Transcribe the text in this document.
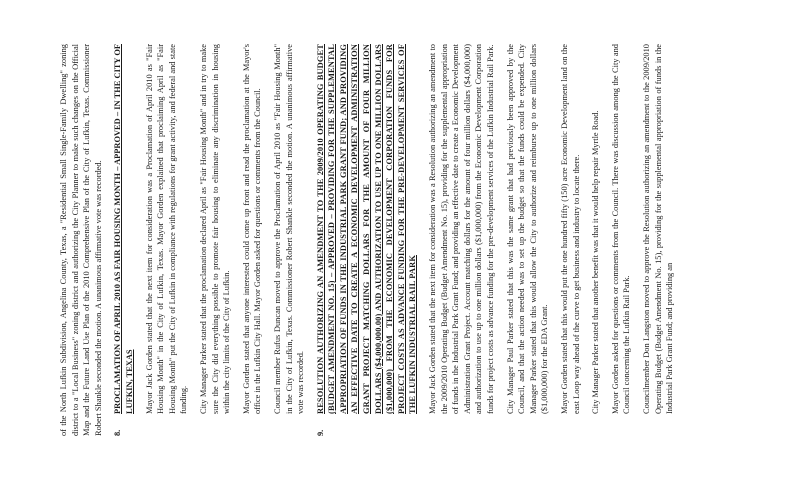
of the North Lufkin Subdivision, Angelina County, Texas, a "Residential Small Single-Family Dwelling" zoning district to a "Local Business" zoning district and authorizing the City Planner to make such changes on the Official Map and the Future Land Use Plan of the 2010 Comprehensive Plan of the City of Lufkin, Texas. Commissioner Robert Shankle seconded the motion. A unanimous affirmative vote was recorded. 8.
PROCLAMATION OF APRIL 2010 AS FAIR HOUSING MONTH – APPROVED – IN THE CITY OF LUFKIN, TEXAS Mayor Jack Gorden stated that the next item for consideration was a Proclamation of April 2010 as "Fair Housing Month" in the City of Lufkin, Texas. Mayor Gorden explained that proclaiming April as "Fair Housing Month" put the City of Lufkin in compliance with regulations for grant activity, and federal and state funding. City Manager Parker stated that the proclamation declared April as "Fair Housing Month" and in try to make sure the City did everything possible to promote fair housing to eliminate any discrimination in housing within the city limits of the City of Lufkin. Mayor Gorden stated that anyone interested could come up front and read the proclamation at the Mayor's office in the Lufkin City Hall. Mayor Gorden asked for questions or comments from the Council. Council member Rufus Duncan moved to approve the Proclamation of April 2010 as "Fair Housing Month" in the City of Lufkin, Texas. Commissioner Robert Shankle seconded the motion. A unanimous affirmative vote was recorded.

9.
RESOLUTION AUTHORIZING AN AMENDMENT TO THE 2009/2010 OPERATING BUDGET (BUDGET AMENDMENT NO. 15) – APPROVED – PROVIDING FOR THE SUPPLEMENTAL APPROPRIATION OF FUNDS IN THE INDUSTRIAL PARK GRANT FUND; AND PROVIDING AN EFFECTIVE DATE TO CREATE A ECONOMIC DEVELOPMENT ADMINISTRATION GRANT PROJECT MATCHING DOLLARS FOR THE AMOUNT OF FOUR MILLION DOLLARS ($4,000,000.00) AND AUTHORIZATION TO USE UP TO ONE MILLION DOLLARS ($1,000,000) FROM THE ECONOMIC DEVELOPMENT CORPORATION FUNDS FOR PROJECT COSTS AS ADVANCE FUNDING FOR THE PRE-DEVELOPMENT SERVICES OF THE LUFKIN INDUSTRIAL RAIL PARK Mayor Jack Gorden stated that the next item for consideration was a Resolution authorizing an amendment to the 2009/2010 Operating Budget (Budget Amendment No. 15), providing for the supplemental appropriation of funds in the Industrial Park Grant Fund; and providing an effective date to create a Economic Development Administration Grant Project. Account matching dollars for the amount of four million dollars ($4,000,000) and authorization to use up to one million dollars ($1,000,000) from the Economic Development Corporation funds for project costs as advance funding for the pre-development services of the Lufkin Industrial Rail Park. City Manager Paul Parker stated that this was the same grant that had previously been approved by the Council, and that the action needed was to set up the budget so that the funds could be expended. City Manager Parker stated that this would allow the City to authorize and reimburse up to one million dollars ($1,000,000) for the EDA Grant. Mayor Gorden stated that this would put the one hundred fifty (150) acre Economic Development land on the east Loop way ahead of the curve to get business and industry to locate there. City Manager Parker stated that another benefit was that it would help repair Myrtle Road. Mayor Gorden asked for questions or comments from the Council. There was discussion among the City and Council concerning the Lufkin Rail Park. Councilmember Don Langston moved to approve the Resolution authorizing an amendment to the 2009/2010 Operating Budget (Budget Amendment No. 15), providing for the supplemental appropriation of funds in the Industrial Park Grant Fund; and providing an
